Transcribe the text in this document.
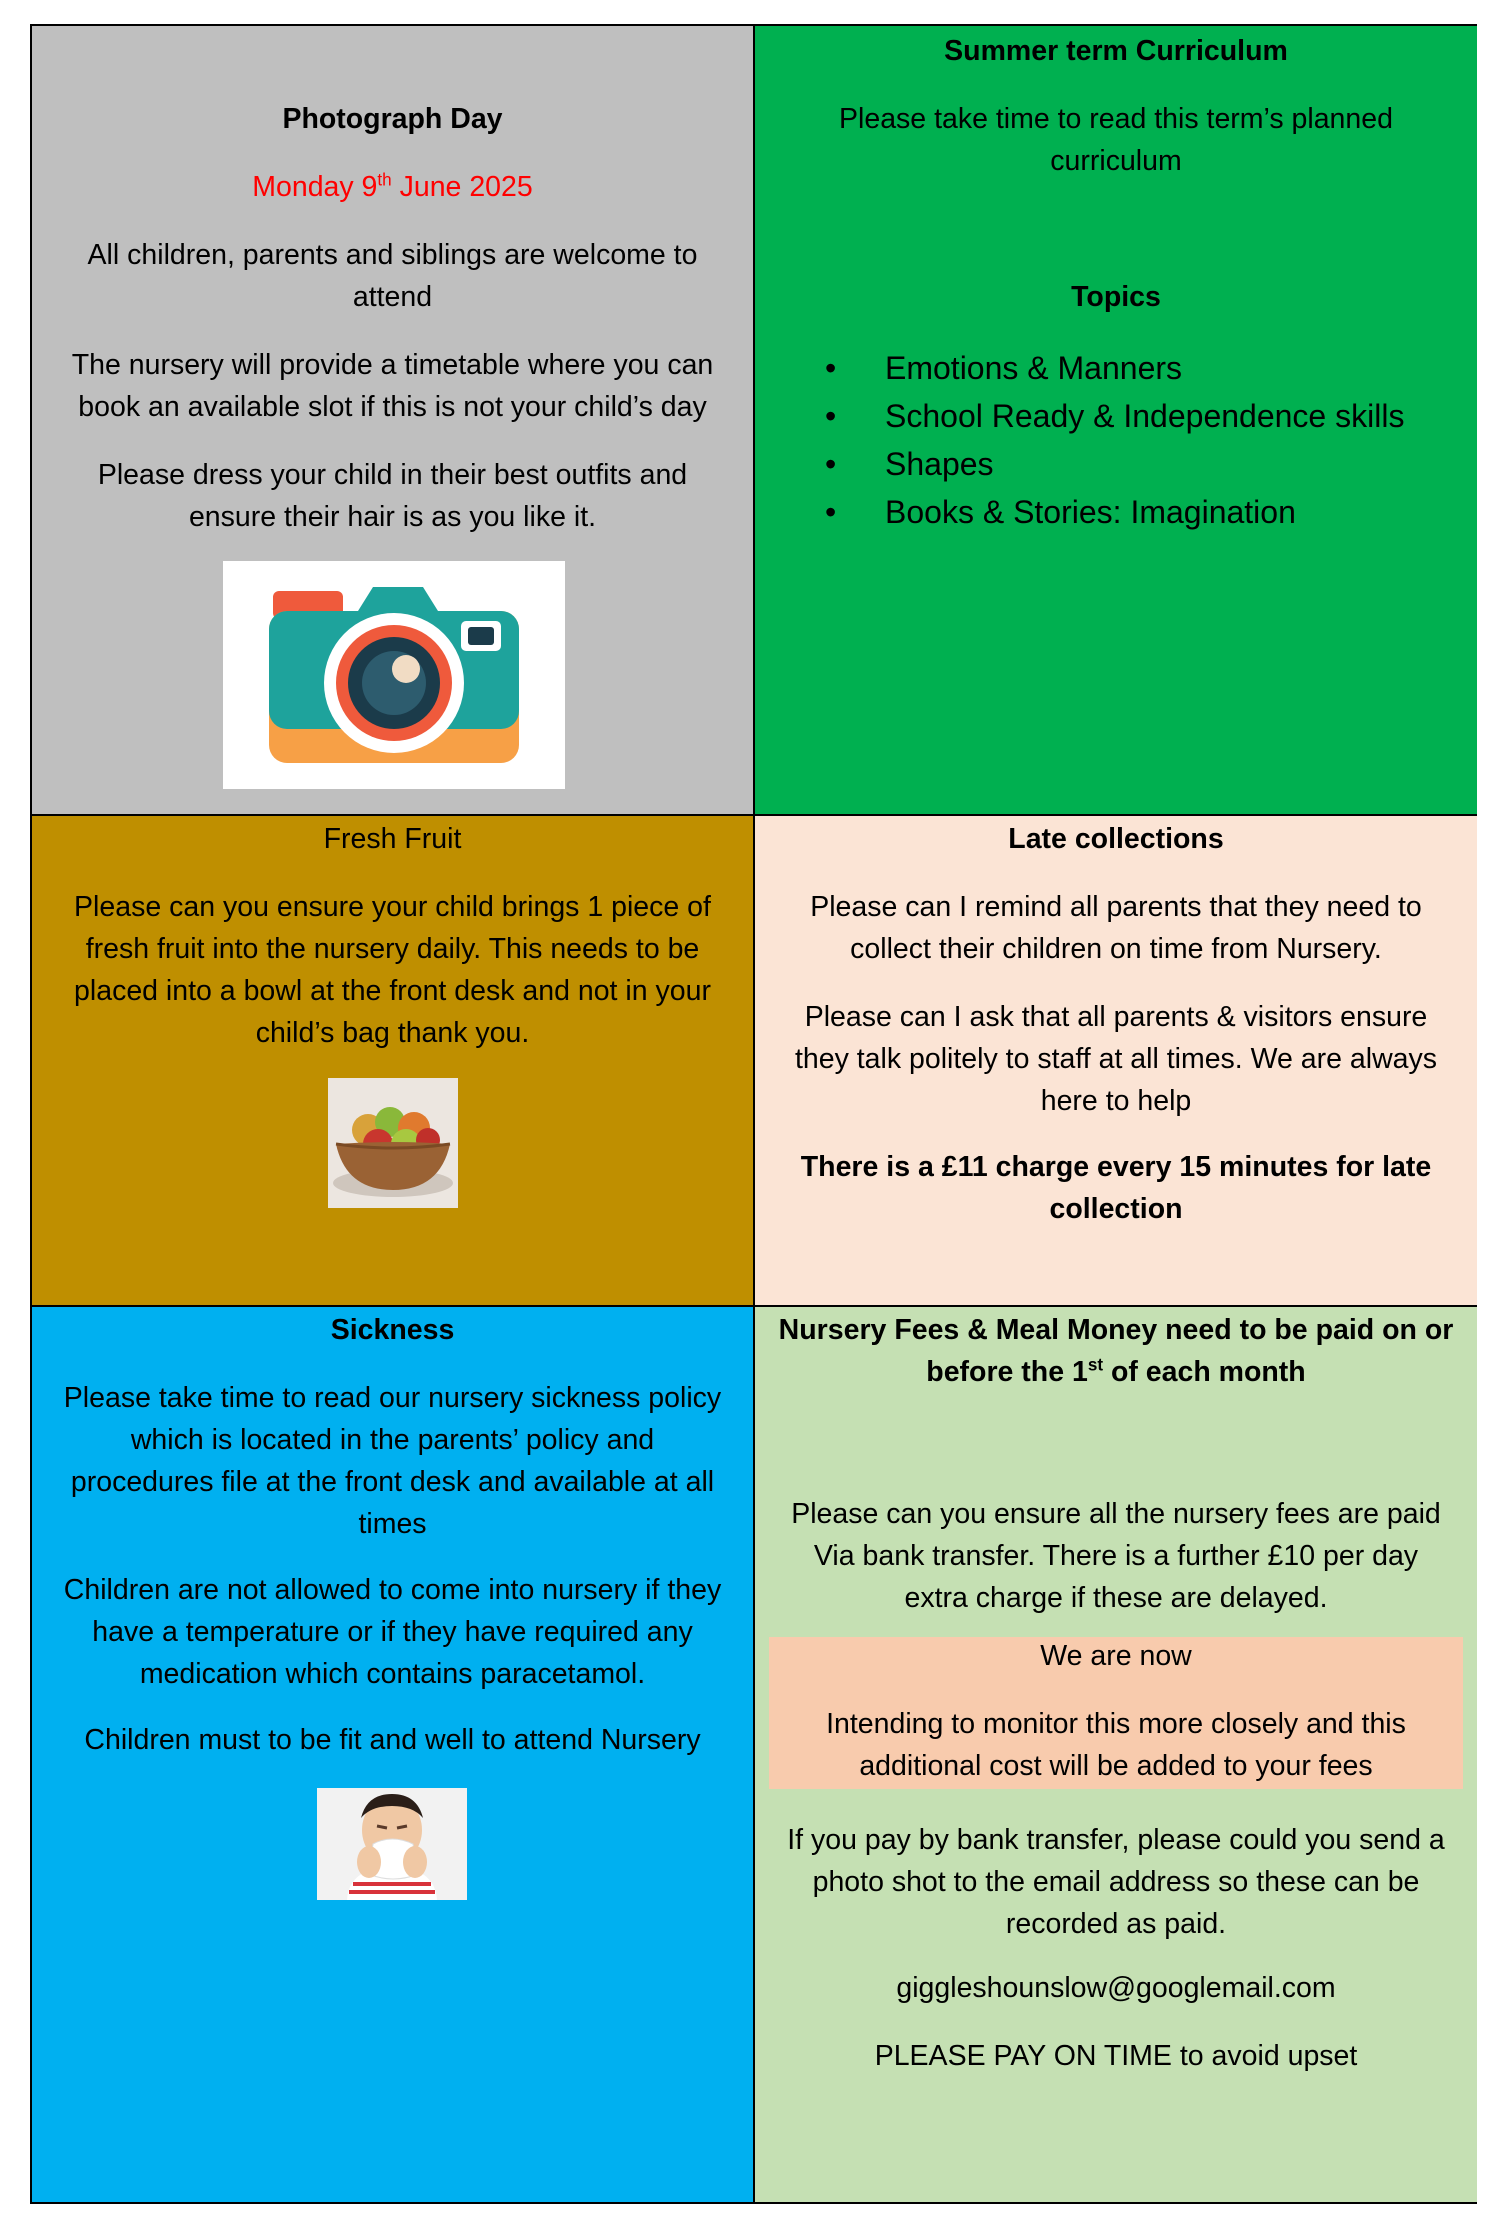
Photograph Day

Monday 9th June 2025

All children, parents and siblings are welcome to
attend

The nursery will provide a timetable where you can
book an available slot if this is not your child’s day

Please dress your child in their best outfits and
ensure their hair is as you like it.

Summer term Curriculum

Please take time to read this term’s planned
curriculum

Topics

• Emotions & Manners
• School Ready & Independence skills
• Shapes
• Books & Stories: Imagination

Fresh Fruit

Please can you ensure your child brings 1 piece of
fresh fruit into the nursery daily. This needs to be
placed into a bowl at the front desk and not in your
child’s bag thank you.

Late collections

Please can I remind all parents that they need to
collect their children on time from Nursery.

Please can I ask that all parents & visitors ensure
they talk politely to staff at all times. We are always
here to help

There is a £11 charge every 15 minutes for late
collection

Sickness

Please take time to read our nursery sickness policy
which is located in the parents’ policy and
procedures file at the front desk and available at all
times

Children are not allowed to come into nursery if they
have a temperature or if they have required any
medication which contains paracetamol.

Children must to be fit and well to attend Nursery

Nursery Fees & Meal Money need to be paid on or
before the 1st of each month

Please can you ensure all the nursery fees are paid
Via bank transfer. There is a further £10 per day
extra charge if these are delayed.

We are now

Intending to monitor this more closely and this
additional cost will be added to your fees

If you pay by bank transfer, please could you send a
photo shot to the email address so these can be
recorded as paid.

giggleshounslow@googlemail.com

PLEASE PAY ON TIME to avoid upset
